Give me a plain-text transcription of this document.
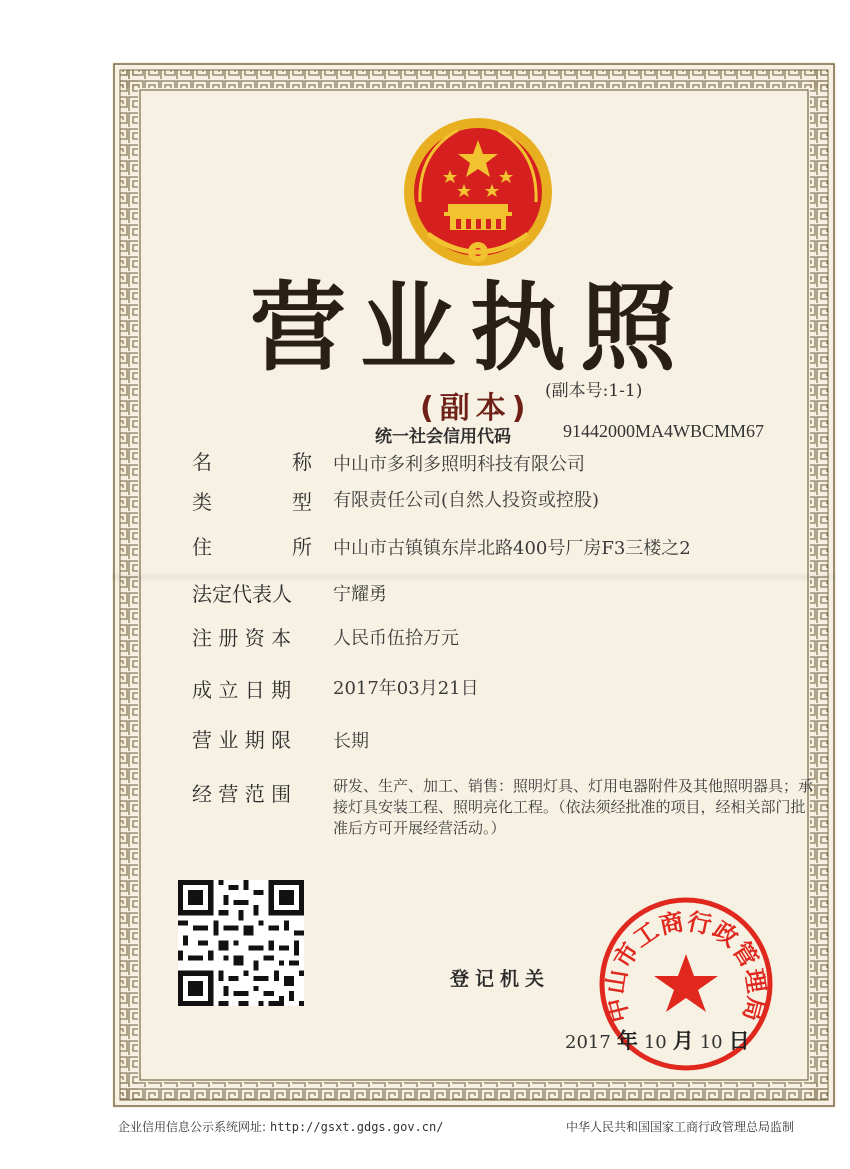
营业执照
(副本) (副本号:1-1)
统一社会信用代码	91442000MA4WBCMM67
名　　　　称 中山市多利多照明科技有限公司
类　　　　型 有限责任公司(自然人投资或控股)
住　　　　所 中山市古镇镇东岸北路400号厂房F3三楼之2
法定代表人 宁耀勇
注 册 资 本 人民币伍拾万元
成 立 日 期 2017年03月21日
营 业 期 限 长期
经 营 范 围	研发、生产、加工、销售：照明灯具、灯用电器附件及其他照明器具；承接灯具安装工程、照明亮化工程。（依法须经批准的项目，经相关部门批准后方可开展经营活动。）
登记机关
中山市工商行政管理局
2017 年 10 月 10 日
企业信用信息公示系统网址: http://gsxt.gdgs.gov.cn/	中华人民共和国国家工商行政管理总局监制
